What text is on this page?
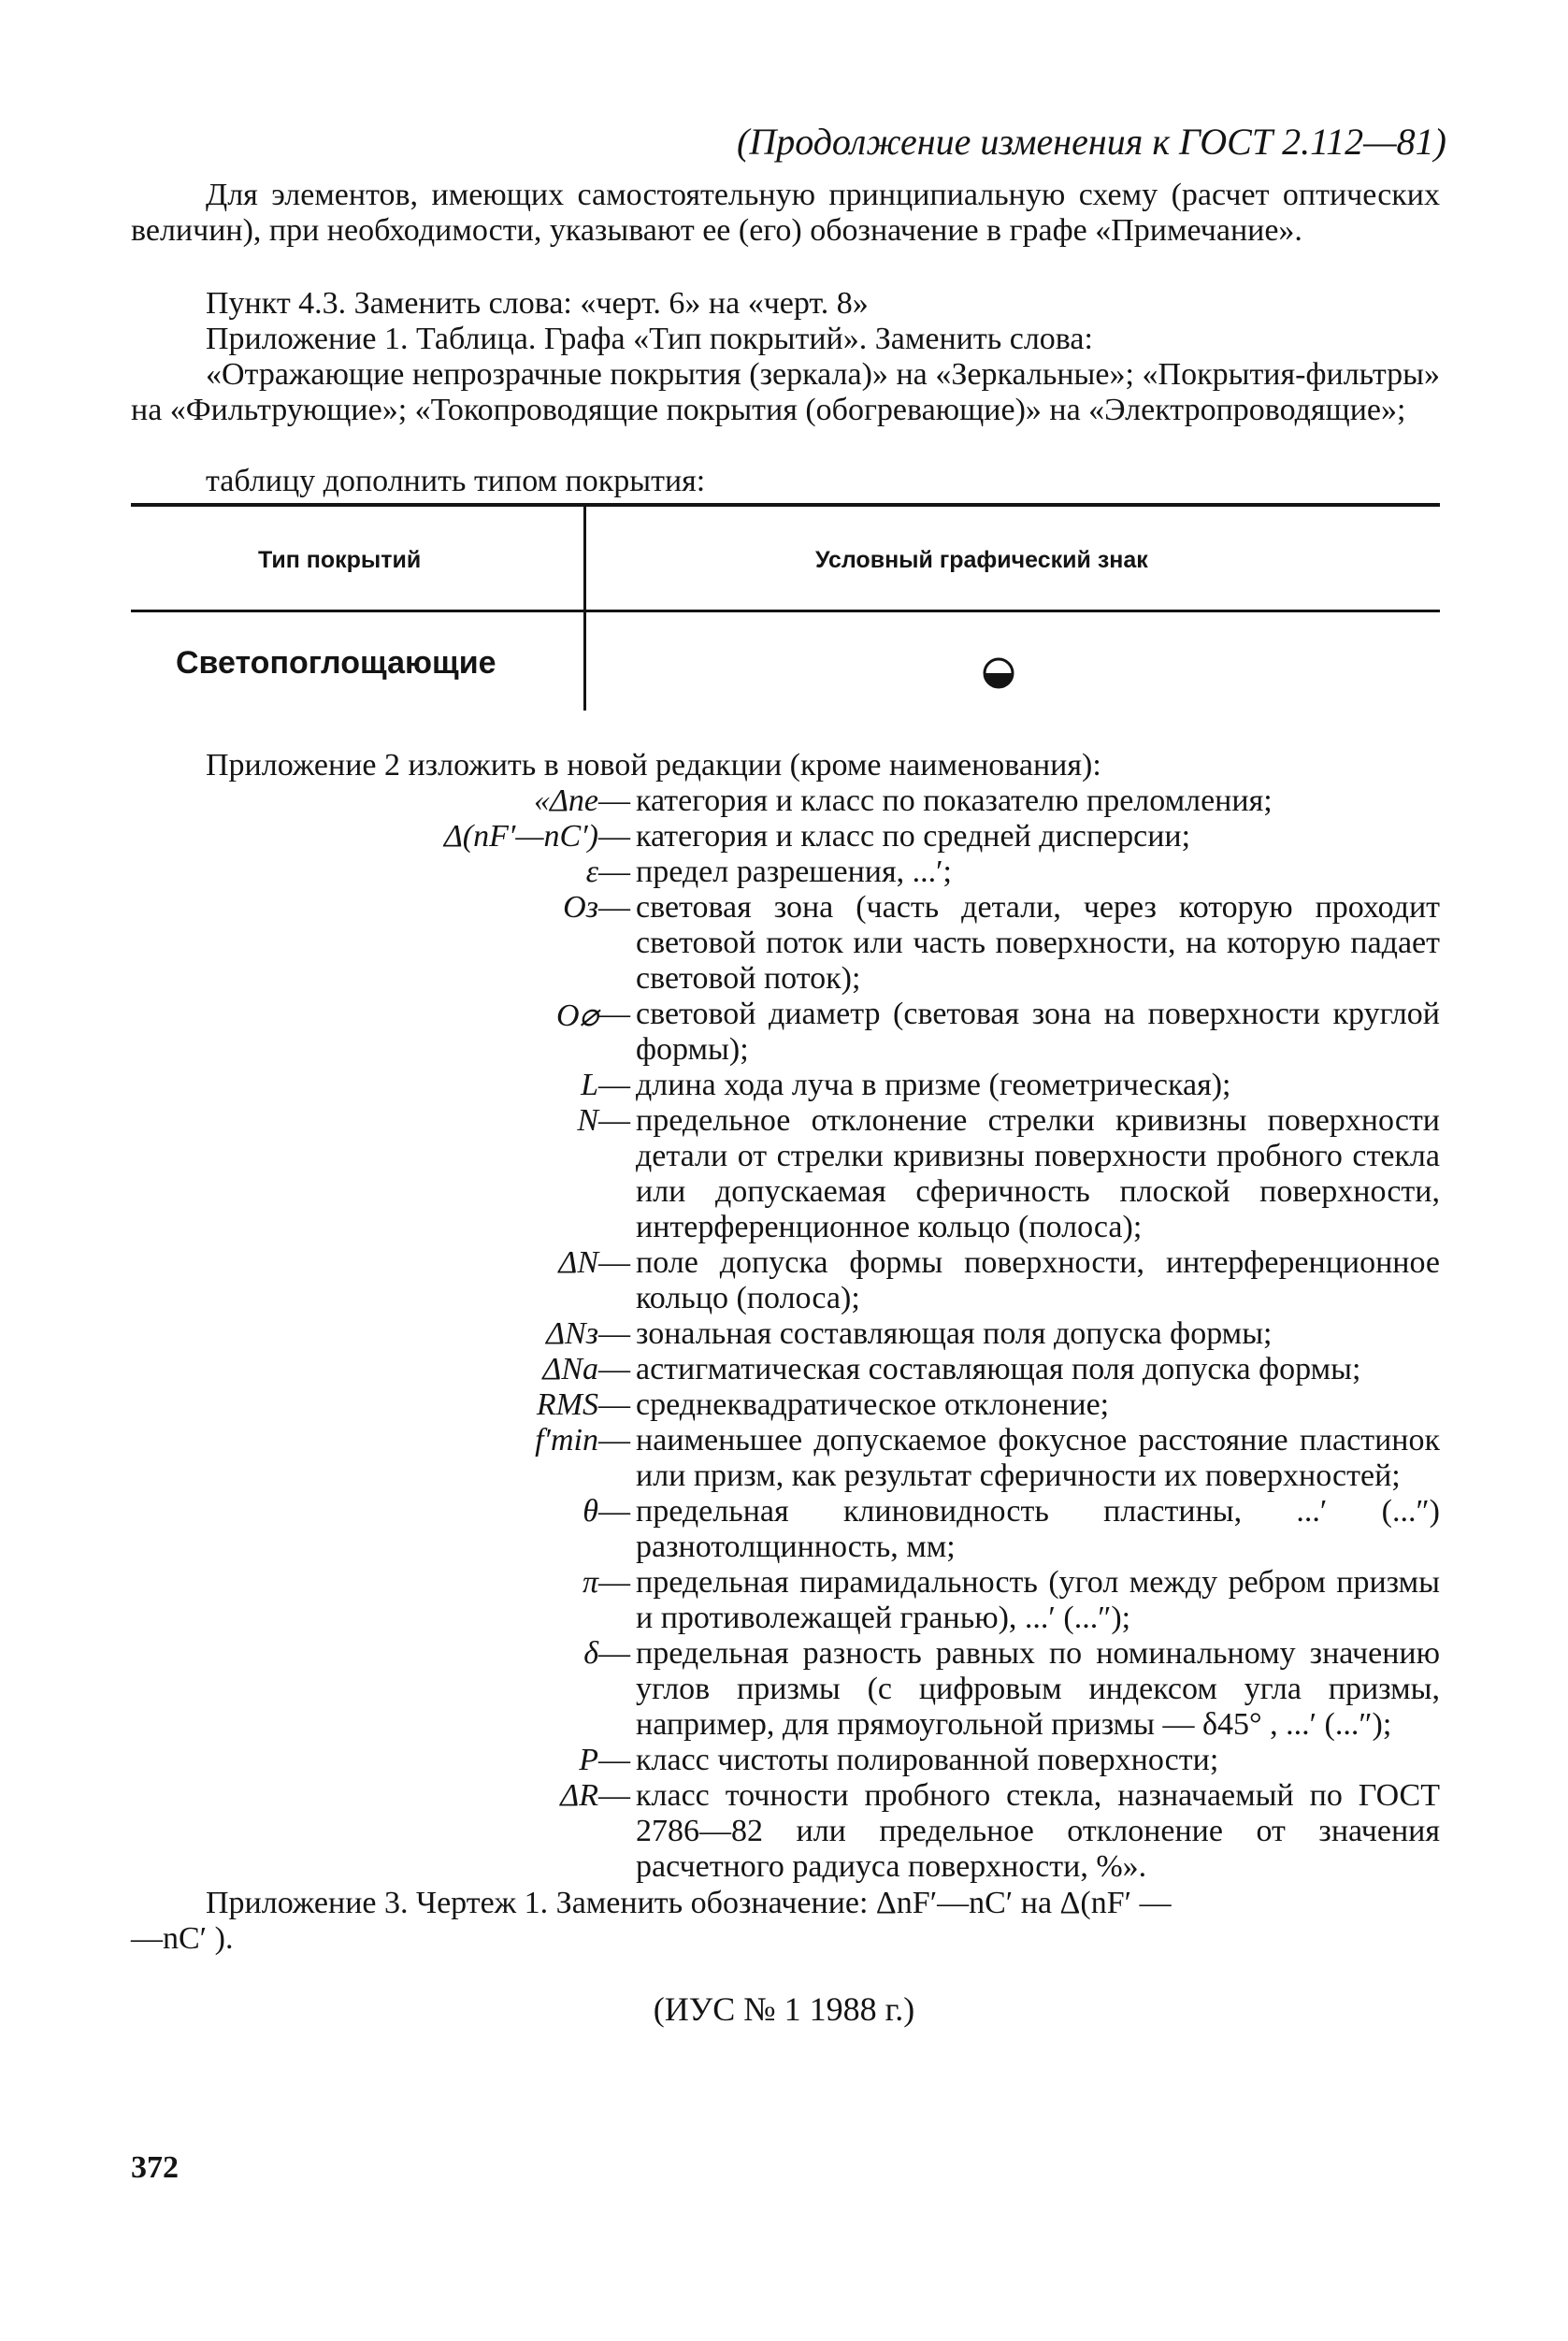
(Продолжение изменения к ГОСТ 2.112—81)
Для элементов, имеющих самостоятельную принципиальную схему (расчет оптических величин), при необходимости, указывают ее (его) обозначение в графе «Примечание».
Пункт 4.3. Заменить слова: «черт. 6» на «черт. 8»
Приложение 1. Таблица. Графа «Тип покрытий». Заменить слова:
«Отражающие непрозрачные покрытия (зеркала)» на «Зеркальные»; «Покрытия-фильтры» на «Фильтрующие»; «Токопроводящие покрытия (обогревающие)» на «Электропроводящие»;
таблицу дополнить типом покрытия:
Тип покрытий	Условный графический знак
Светопоглощающие
Приложение 2 изложить в новой редакции (кроме наименования):
«Δne — категория и класс по показателю преломления;
Δ(nF′—nC′) — категория и класс по средней дисперсии;
ε — предел разрешения, ...′;
Oз — световая зона (часть детали, через которую проходит световой поток или часть поверхности, на которую падает световой поток);
O⌀ — световой диаметр (световая зона на поверхности круглой формы);
L — длина хода луча в призме (геометрическая);
N — предельное отклонение стрелки кривизны поверхности детали от стрелки кривизны поверхности пробного стекла или допускаемая сферичность плоской поверхности, интерференционное кольцо (полоса);
ΔN — поле допуска формы поверхности, интерференционное кольцо (полоса);
ΔNз — зональная составляющая поля допуска формы;
ΔNа — астигматическая составляющая поля допуска формы;
RMS — среднеквадратическое отклонение;
f′min — наименьшее допускаемое фокусное расстояние пластинок или призм, как результат сферичности их поверхностей;
θ — предельная клиновидность пластины, ...′ (...″) разнотолщинность, мм;
π — предельная пирамидальность (угол между ребром призмы и противолежащей гранью), ...′ (...″);
δ — предельная разность равных по номинальному значению углов призмы (с цифровым индексом угла призмы, например, для прямоугольной призмы — δ45° , ...′ (...″);
P — класс чистоты полированной поверхности;
ΔR — класс точности пробного стекла, назначаемый по ГОСТ 2786—82 или предельное отклонение от значения расчетного радиуса поверхности, %».
Приложение 3. Чертеж 1. Заменить обозначение: ΔnF′—nC′ на Δ(nF′ —
—nC′ ).
(ИУС № 1 1988 г.)
372
